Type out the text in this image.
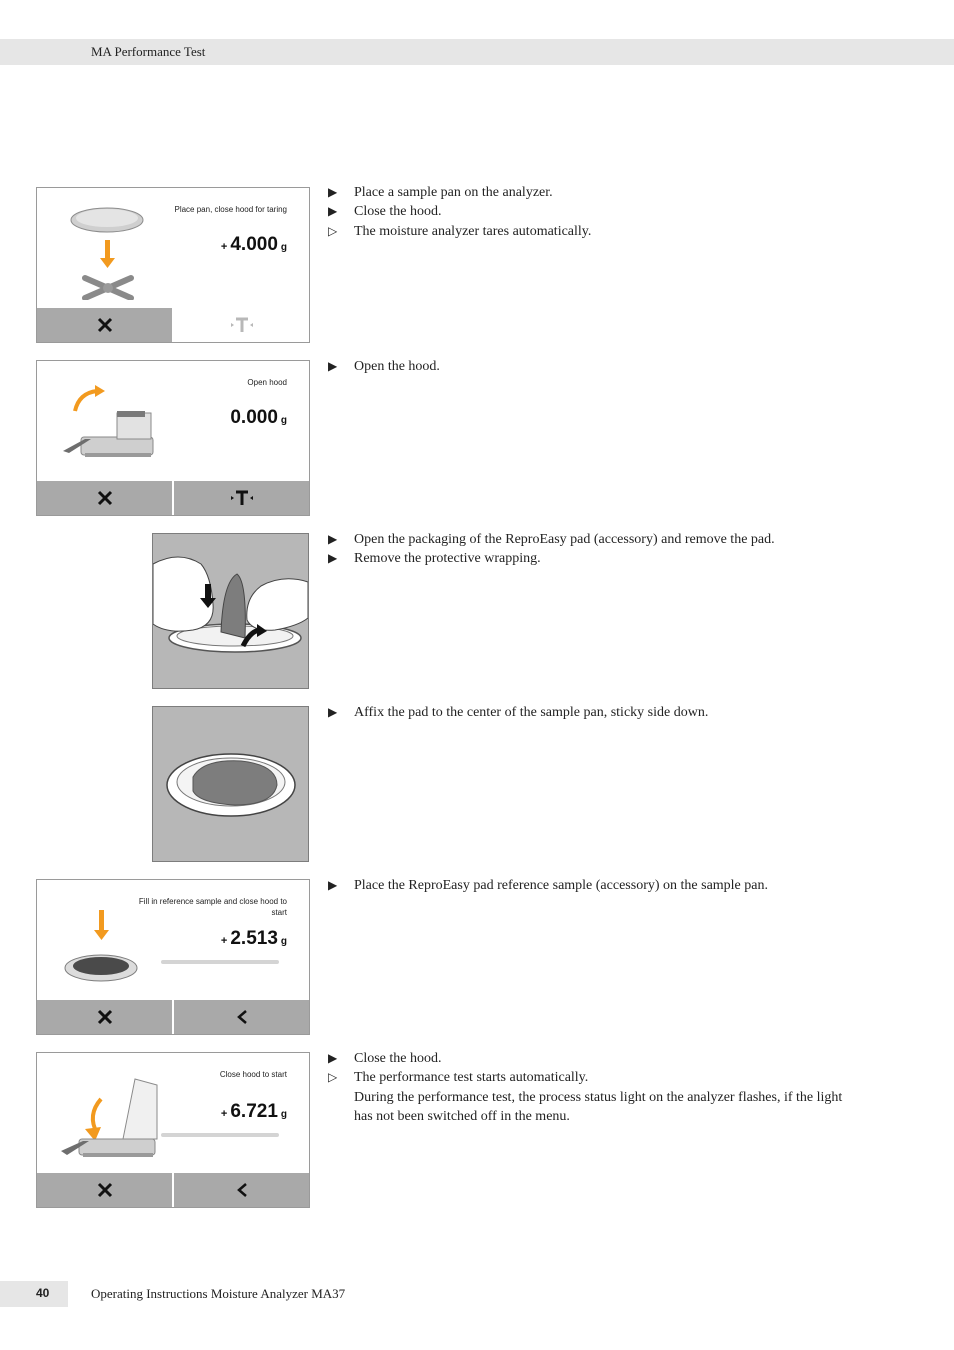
MA Performance Test
Place pan, close hood for taring
+ 4.000 g
Open hood
0.000 g
Fill in reference sample and close hood to start
+ 2.513 g
Close hood to start
+ 6.721 g
▶	Place a sample pan on the analyzer.
▶	Close the hood.
▷	The moisture analyzer tares automatically.
▶	Open the hood.
▶	Open the packaging of the ReproEasy pad (accessory) and remove the pad.
▶	Remove the protective wrapping.
▶	Affix the pad to the center of the sample pan, sticky side down.
▶	Place the ReproEasy pad reference sample (accessory) on the sample pan.
▶	Close the hood.
▷	The performance test starts automatically.
During the performance test, the process status light on the analyzer flashes, if the light has not been switched off in the menu.
40	Operating Instructions Moisture Analyzer MA37
